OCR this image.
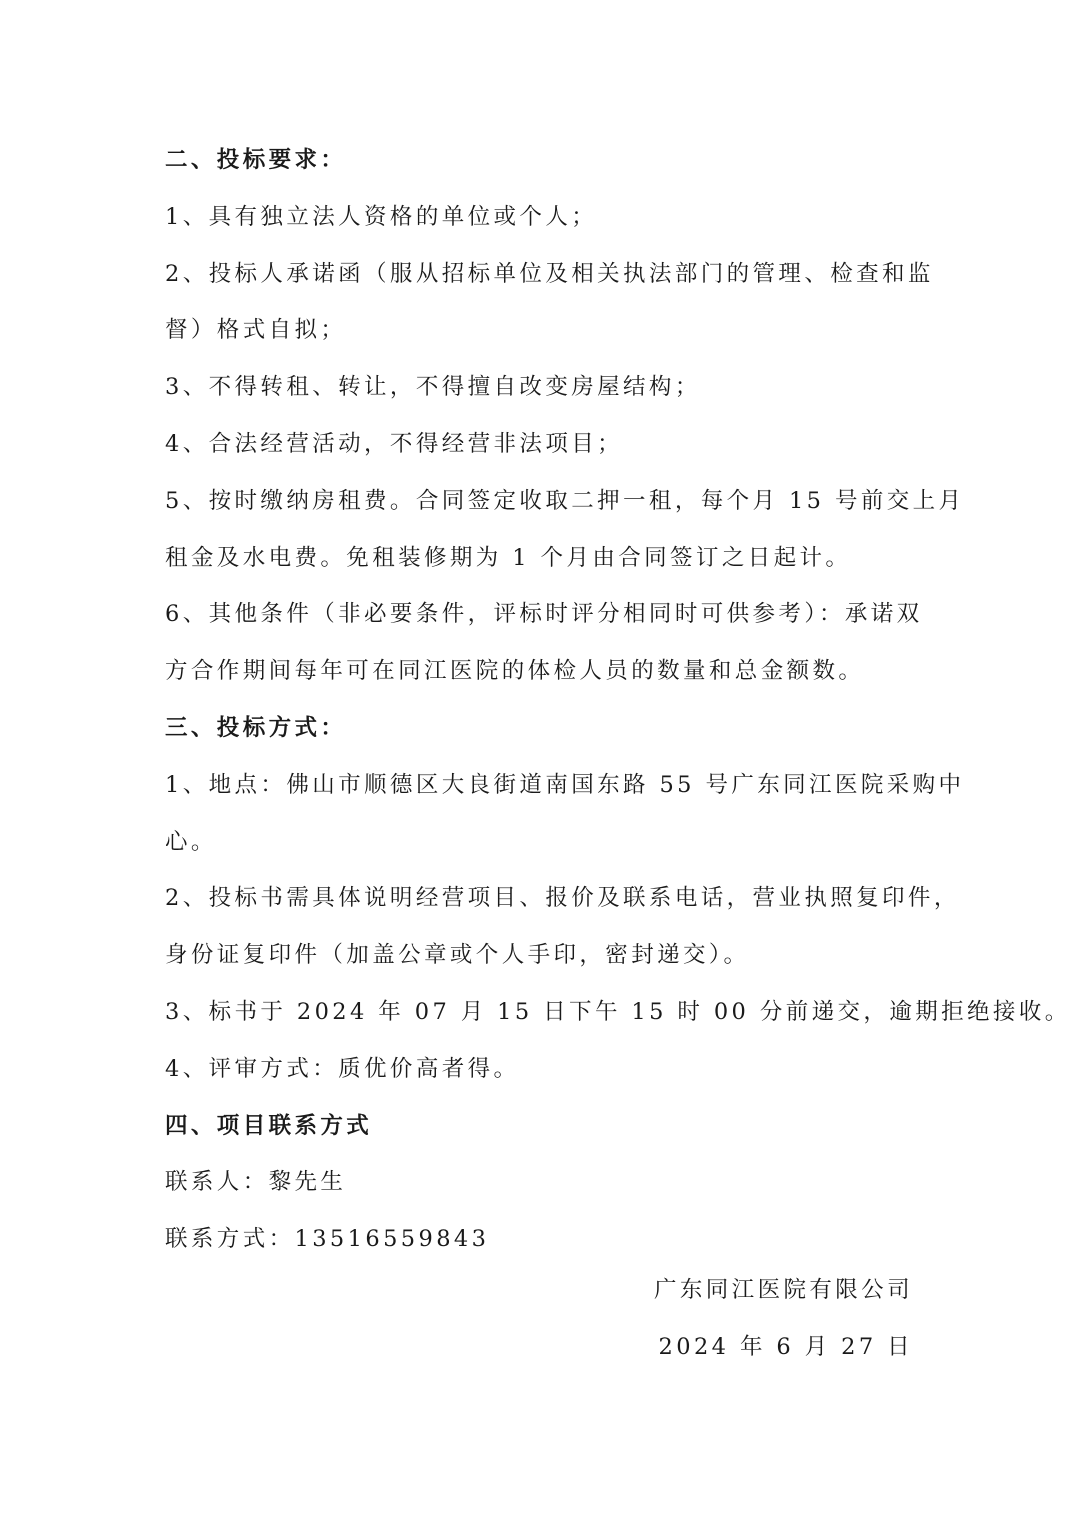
二、投标要求：
1、具有独立法人资格的单位或个人；
2、投标人承诺函（服从招标单位及相关执法部门的管理、检查和监
督）格式自拟；
3、不得转租、转让，不得擅自改变房屋结构；
4、合法经营活动，不得经营非法项目；
5、按时缴纳房租费。合同签定收取二押一租，每个月 15 号前交上月
租金及水电费。免租装修期为 1 个月由合同签订之日起计。
6、其他条件（非必要条件，评标时评分相同时可供参考）：承诺双
方合作期间每年可在同江医院的体检人员的数量和总金额数。
三、投标方式：
1、地点：佛山市顺德区大良街道南国东路 55 号广东同江医院采购中
心。
2、投标书需具体说明经营项目、报价及联系电话，营业执照复印件，
身份证复印件（加盖公章或个人手印，密封递交）。
3、标书于 2024 年 07 月 15 日下午 15 时 00 分前递交，逾期拒绝接收。
4、评审方式：质优价高者得。
四、项目联系方式
联系人：黎先生
联系方式：13516559843
广东同江医院有限公司
2024 年 6 月 27 日
